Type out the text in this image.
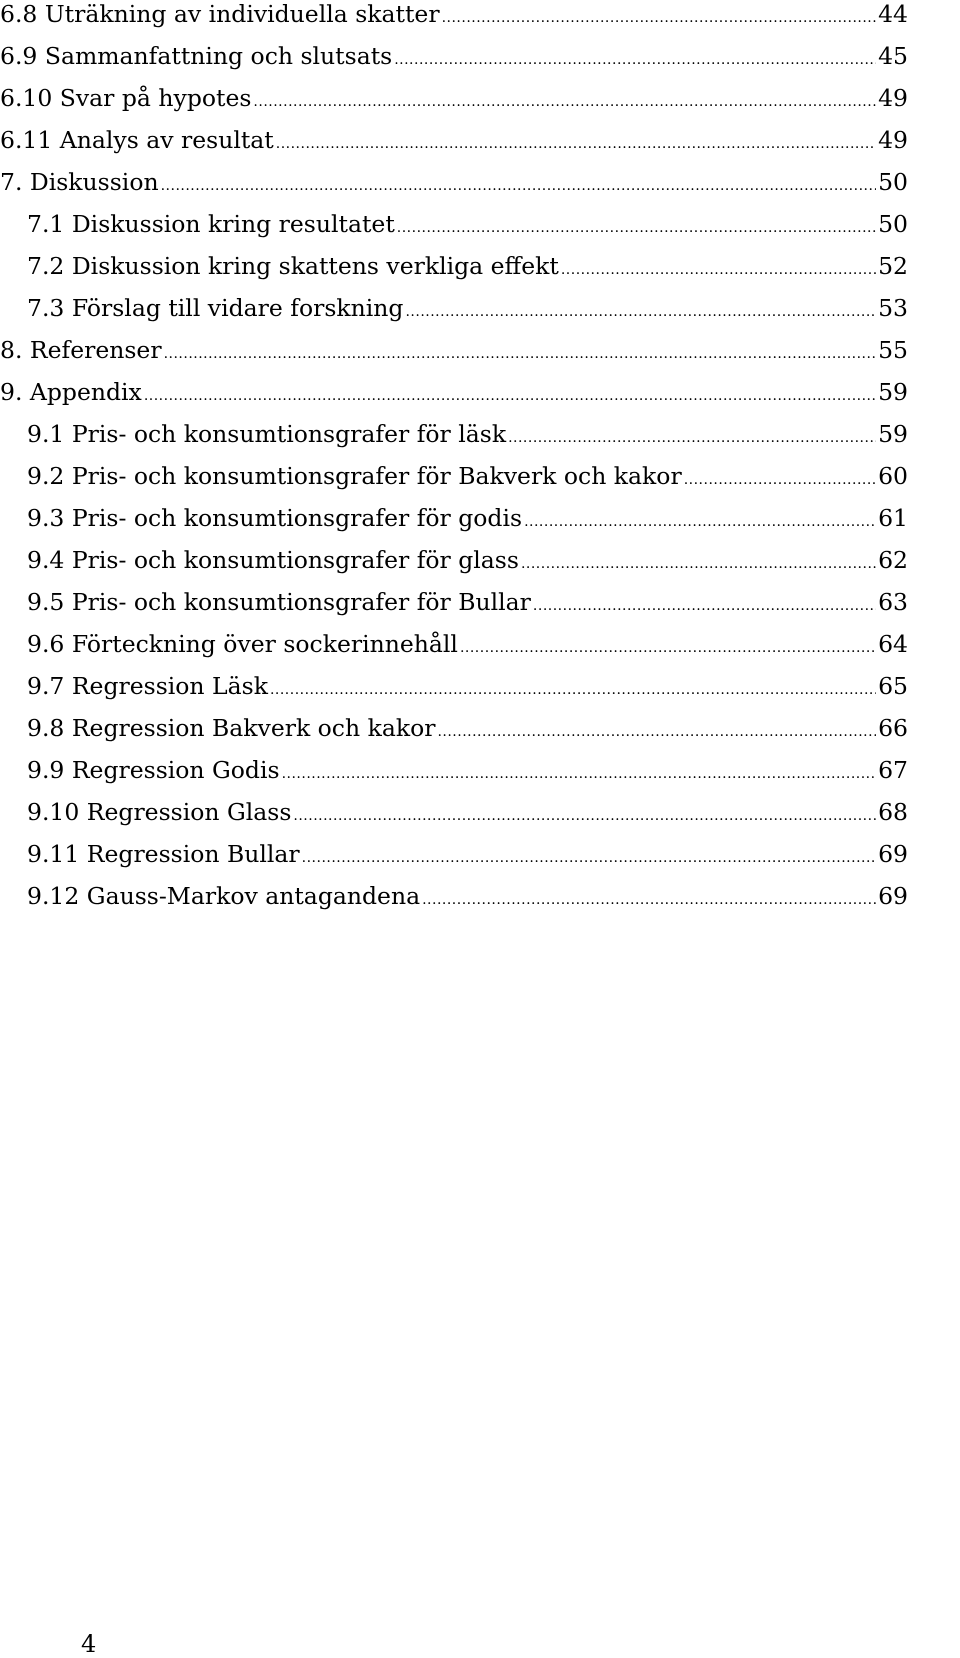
6.8 Uträkning av individuella skatter .....	44
6.9 Sammanfattning och slutsats .....	45
6.10 Svar på hypotes .....	49
6.11 Analys av resultat .....	49
7. Diskussion .....	50
7.1 Diskussion kring resultatet .....	50
7.2 Diskussion kring skattens verkliga effekt .....	52
7.3 Förslag till vidare forskning .....	53
8. Referenser .....	55
9. Appendix .....	59
9.1 Pris- och konsumtionsgrafer för läsk .....	59
9.2 Pris- och konsumtionsgrafer för Bakverk och kakor .....	60
9.3 Pris- och konsumtionsgrafer för godis .....	61
9.4 Pris- och konsumtionsgrafer för glass .....	62
9.5 Pris- och konsumtionsgrafer för Bullar .....	63
9.6 Förteckning över sockerinnehåll .....	64
9.7 Regression Läsk .....	65
9.8 Regression Bakverk och kakor .....	66
9.9 Regression Godis .....	67
9.10 Regression Glass .....	68
9.11 Regression Bullar .....	69
9.12 Gauss-Markov antagandena .....	69
4
